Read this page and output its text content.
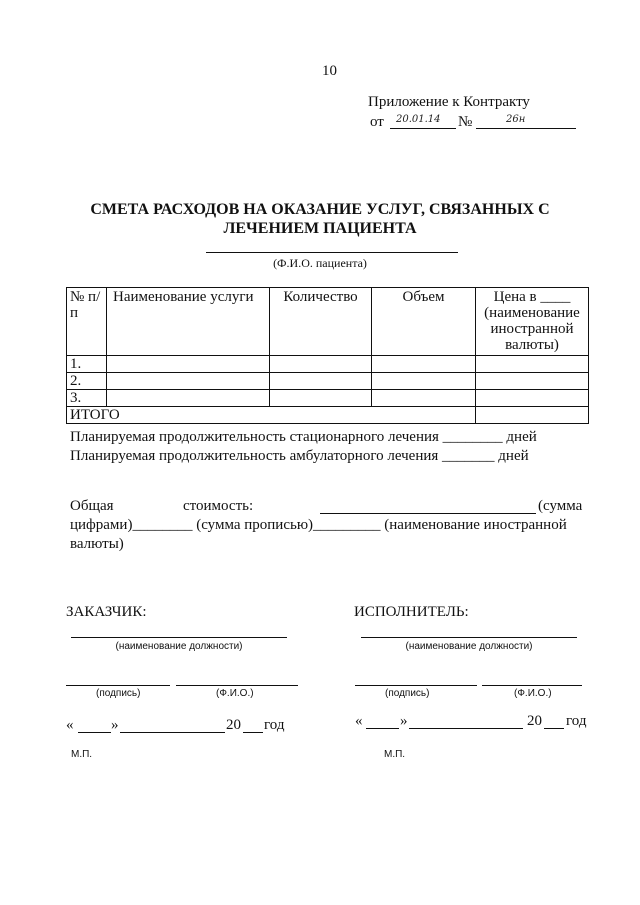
10
Приложение к Контракту
от 20.01.14 №	26н
СМЕТА РАСХОДОВ НА ОКАЗАНИЕ УСЛУГ, СВЯЗАННЫХ С
ЛЕЧЕНИЕМ ПАЦИЕНТА
(Ф.И.О. пациента)
№ п/п	Наименование услуги	Количество	Объем	Цена в ____ (наименование иностранной валюты)
1.				
2.				
3.				
ИТОГО				
Планируемая продолжительность стационарного лечения ________ дней
Планируемая продолжительность амбулаторного лечения _______ дней
Общая	стоимость:	(сумма
цифрами)________ (сумма прописью)_________ (наименование иностранной
валюты)
ЗАКАЗЧИК:
(наименование должности)
(подпись)	(Ф.И.О.)
«	»	20 год
М.П.
ИСПОЛНИТЕЛЬ:
(наименование должности)
(подпись)	(Ф.И.О.)
«	»	20 год
М.П.
